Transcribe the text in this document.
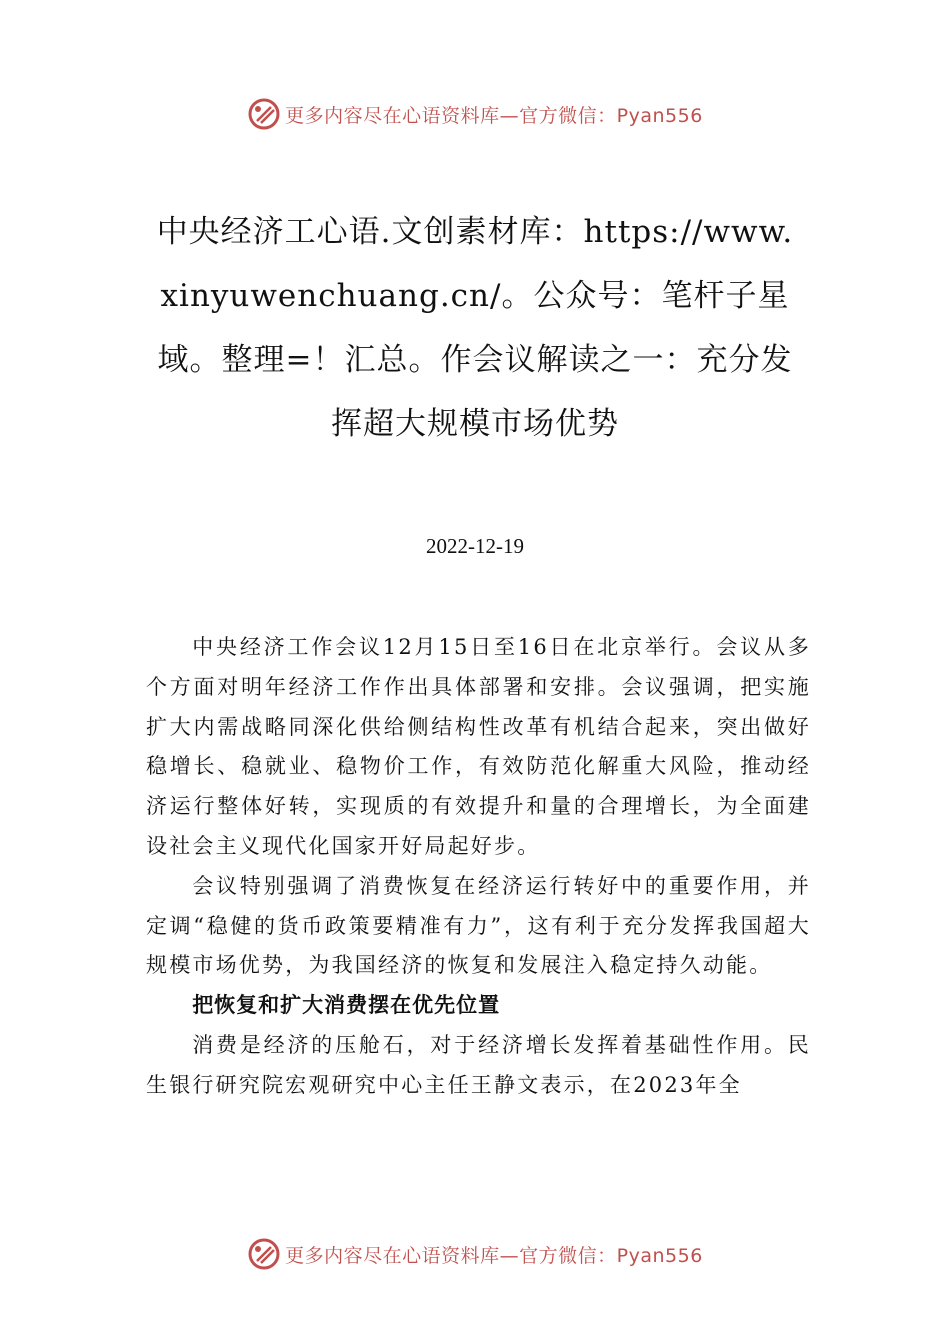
更多内容尽在心语资料库—官方微信：Pyan556
中央经济工心语.文创素材库：https://www.xinyuwenchuang.cn/。公众号：笔杆子星域。整理=！汇总。作会议解读之一：充分发挥超大规模市场优势
2022-12-19

中央经济工作会议12月15日至16日在北京举行。会议从多个方面对明年经济工作作出具体部署和安排。会议强调，把实施扩大内需战略同深化供给侧结构性改革有机结合起来，突出做好稳增长、稳就业、稳物价工作，有效防范化解重大风险，推动经济运行整体好转，实现质的有效提升和量的合理增长，为全面建设社会主义现代化国家开好局起好步。

会议特别强调了消费恢复在经济运行转好中的重要作用，并定调“稳健的货币政策要精准有力”，这有利于充分发挥我国超大规模市场优势，为我国经济的恢复和发展注入稳定持久动能。

把恢复和扩大消费摆在优先位置

消费是经济的压舱石，对于经济增长发挥着基础性作用。民生银行研究院宏观研究中心主任王静文表示，在2023年全

更多内容尽在心语资料库—官方微信：Pyan556
